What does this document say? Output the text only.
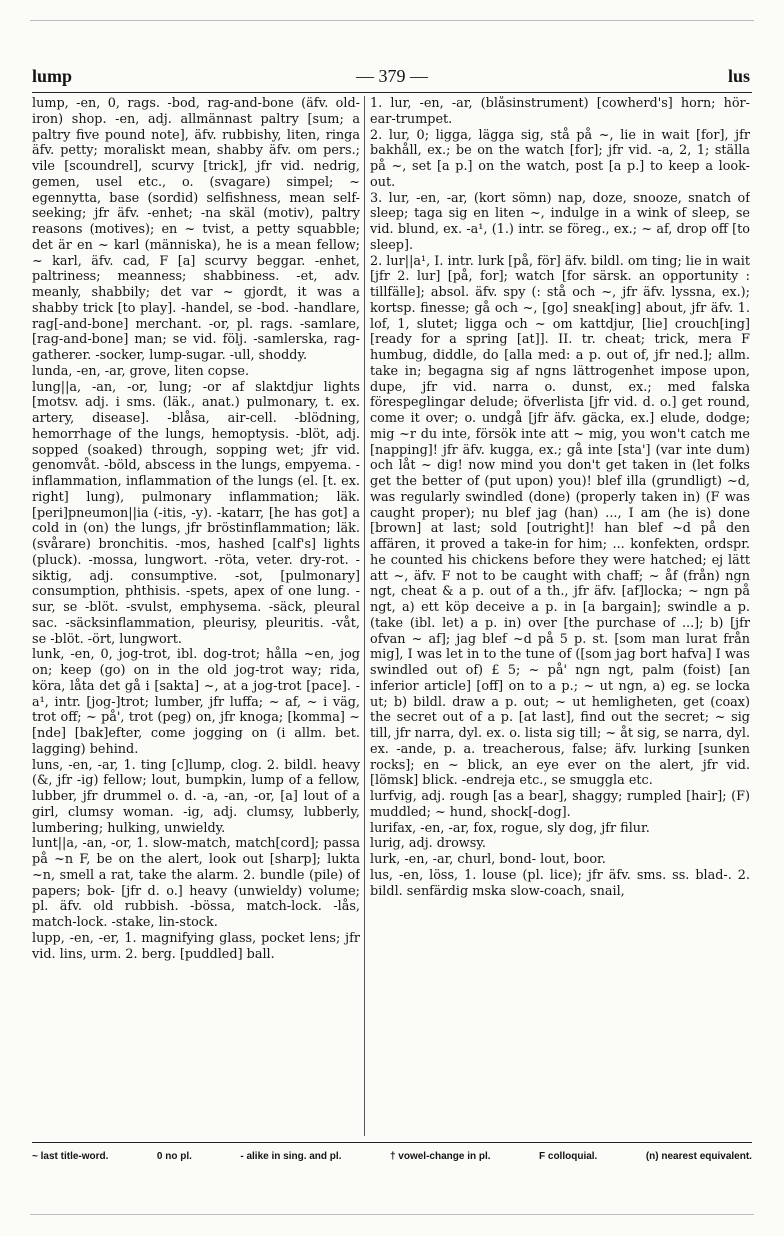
lump	— 379 —	lus

lump, -en, 0, rags. -bod, rag-and-bone (äfv. old-iron) shop. -en, adj. allmännast paltry [sum; a paltry five pound note], äfv. rubbishy, liten, ringa äfv. petty; moraliskt mean, shabby äfv. om pers.; vile [scoundrel], scurvy [trick], jfr vid. nedrig, gemen, usel etc., o. (svagare) simpel; ~ egennytta, base (sordid) selfishness, mean self-seeking; jfr äfv. -enhet; -na skäl (motiv), paltry reasons (motives); en ~ tvist, a petty squabble; det är en ~ karl (människa), he is a mean fellow; ~ karl, äfv. cad, F [a] scurvy beggar. -enhet, paltriness; meanness; shabbiness. -et, adv. meanly, shabbily; det var ~ gjordt, it was a shabby trick [to play]. -handel, se -bod. -handlare, rag[-and-bone] merchant. -or, pl. rags. -samlare, [rag-and-bone] man; se vid. följ. -samlerska, rag-gatherer. -socker, lump-sugar. -ull, shoddy.

lunda, -en, -ar, grove, liten copse.

lung||a, -an, -or, lung; -or af slaktdjur lights [motsv. adj. i sms. (läk., anat.) pulmonary, t. ex. artery, disease]. -blåsa, air-cell. -blödning, hemorrhage of the lungs, hemoptysis. -blöt, adj. sopped (soaked) through, sopping wet; jfr vid. genomvåt. -böld, abscess in the lungs, empyema. -inflammation, inflammation of the lungs (el. [t. ex. right] lung), pulmonary inflammation; läk. [peri]pneumon||ia (-itis, -y). -katarr, [he has got] a cold in (on) the lungs, jfr bröstinflammation; läk. (svårare) bronchitis. -mos, hashed [calf's] lights (pluck). -mossa, lungwort. -röta, veter. dry-rot. -siktig, adj. consumptive. -sot, [pulmonary] consumption, phthisis. -spets, apex of one lung. -sur, se -blöt. -svulst, emphysema. -säck, pleural sac. -säcksinflammation, pleurisy, pleuritis. -våt, se -blöt. -ört, lungwort.

lunk, -en, 0, jog-trot, ibl. dog-trot; hålla ~en, jog on; keep (go) on in the old jog-trot way; rida, köra, låta det gå i [sakta] ~, at a jog-trot [pace]. -a¹, intr. [jog-]trot; lumber, jfr luffa; ~ af, ~ i väg, trot off; ~ på', trot (peg) on, jfr knoga; [komma] ~[nde] [bak]efter, come jogging on (i allm. bet. lagging) behind.

luns, -en, -ar, 1. ting [c]lump, clog. 2. bildl. heavy (&, jfr -ig) fellow; lout, bumpkin, lump of a fellow, lubber, jfr drummel o. d. -a, -an, -or, [a] lout of a girl, clumsy woman. -ig, adj. clumsy, lubberly, lumbering; hulking, unwieldy.

lunt||a, -an, -or, 1. slow-match, match[cord]; passa på ~n F, be on the alert, look out [sharp]; lukta ~n, smell a rat, take the alarm. 2. bundle (pile) of papers; bok- [jfr d. o.] heavy (unwieldy) volume; pl. äfv. old rubbish. -bössa, match-lock. -lås, match-lock. -stake, lin-stock.

lupp, -en, -er, 1. magnifying glass, pocket lens; jfr vid. lins, urm. 2. berg. [puddled] ball.

1. lur, -en, -ar, (blåsinstrument) [cowherd's] horn; hör- ear-trumpet.

2. lur, 0; ligga, lägga sig, stå på ~, lie in wait [for], jfr bakhåll, ex.; be on the watch [for]; jfr vid. -a, 2, 1; ställa på ~, set [a p.] on the watch, post [a p.] to keep a look-out.

3. lur, -en, -ar, (kort sömn) nap, doze, snooze, snatch of sleep; taga sig en liten ~, indulge in a wink of sleep, se vid. blund, ex. -a¹, (1.) intr. se föreg., ex.; ~ af, drop off [to sleep].

2. lur||a¹, I. intr. lurk [på, för] äfv. bildl. om ting; lie in wait [jfr 2. lur] [på, for]; watch [for särsk. an opportunity : tillfälle]; absol. äfv. spy (: stå och ~, jfr äfv. lyssna, ex.); kortsp. finesse; gå och ~, [go] sneak[ing] about, jfr äfv. 1. lof, 1, slutet; ligga och ~ om kattdjur, [lie] crouch[ing] [ready for a spring [at]]. II. tr. cheat; trick, mera F humbug, diddle, do [alla med: a p. out of, jfr ned.]; allm. take in; begagna sig af ngns lättrogenhet impose upon, dupe, jfr vid. narra o. dunst, ex.; med falska förespeglingar delude; öfverlista [jfr vid. d. o.] get round, come it over; o. undgå [jfr äfv. gäcka, ex.] elude, dodge; mig ~r du inte, försök inte att ~ mig, you won't catch me [napping]! jfr äfv. kugga, ex.; gå inte [sta'] (var inte dum) och låt ~ dig! now mind you don't get taken in (let folks get the better of (put upon) you)! blef illa (grundligt) ~d, was regularly swindled (done) (properly taken in) (F was caught proper); nu blef jag (han) ..., I am (he is) done [brown] at last; sold [outright]! han blef ~d på den affären, it proved a take-in for him; ... konfekten, ordspr. he counted his chickens before they were hatched; ej lätt att ~, äfv. F not to be caught with chaff; ~ åf (från) ngn ngt, cheat & a p. out of a th., jfr äfv. [af]locka; ~ ngn på ngt, a) ett köp deceive a p. in [a bargain]; swindle a p. (take (ibl. let) a p. in) over [the purchase of ...]; b) [jfr ofvan ~ af]; jag blef ~d på 5 p. st. [som man lurat från mig], I was let in to the tune of ([som jag bort hafva] I was swindled out of) £ 5; ~ på' ngn ngt, palm (foist) [an inferior article] [off] on to a p.; ~ ut ngn, a) eg. se locka ut; b) bildl. draw a p. out; ~ ut hemligheten, get (coax) the secret out of a p. [at last], find out the secret; ~ sig till, jfr narra, dyl. ex. o. lista sig till; ~ åt sig, se narra, dyl. ex. -ande, p. a. treacherous, false; äfv. lurking [sunken rocks]; en ~ blick, an eye ever on the alert, jfr vid. [lömsk] blick. -endreja etc., se smuggla etc.

lurfvig, adj. rough [as a bear], shaggy; rumpled [hair]; (F) muddled; ~ hund, shock[-dog].

lurifax, -en, -ar, fox, rogue, sly dog, jfr filur.

lurig, adj. drowsy.

lurk, -en, -ar, churl, bond- lout, boor.

lus, -en, löss, 1. louse (pl. lice); jfr äfv. sms. ss. blad-. 2. bildl. senfärdig mska slow-coach, snail,

~ last title-word.	0 no pl.	- alike in sing. and pl.	† vowel-change in pl.	F colloquial.	(n) nearest equivalent.
